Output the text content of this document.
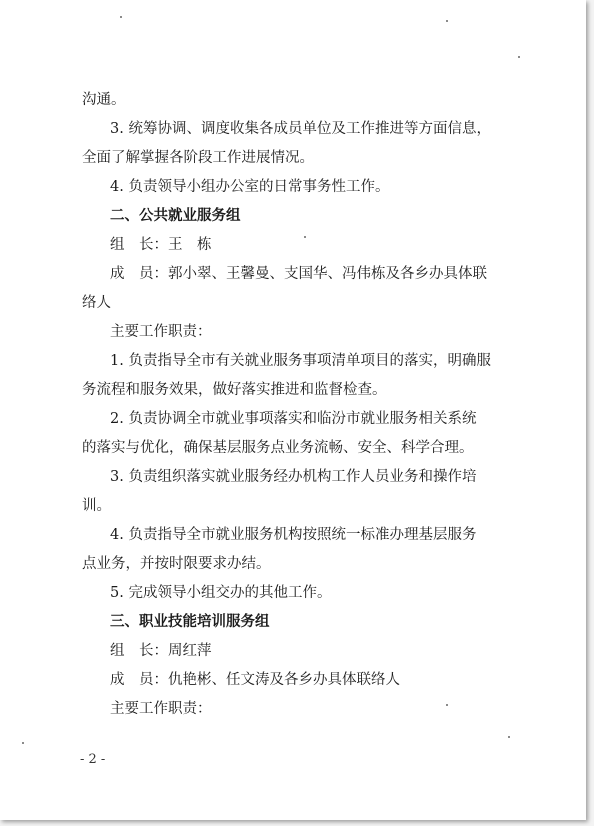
沟通。
3. 统筹协调、调度收集各成员单位及工作推进等方面信息，
全面了解掌握各阶段工作进展情况。
4. 负责领导小组办公室的日常事务性工作。
二、公共就业服务组
组　长：王　栋
成　员：郭小翠、王馨曼、支国华、冯伟栋及各乡办具体联
络人
主要工作职责：
1. 负责指导全市有关就业服务事项清单项目的落实，明确服
务流程和服务效果，做好落实推进和监督检查。
2. 负责协调全市就业事项落实和临汾市就业服务相关系统
的落实与优化，确保基层服务点业务流畅、安全、科学合理。
3. 负责组织落实就业服务经办机构工作人员业务和操作培
训。
4. 负责指导全市就业服务机构按照统一标准办理基层服务
点业务，并按时限要求办结。
5. 完成领导小组交办的其他工作。
三、职业技能培训服务组
组　长：周红萍
成　员：仇艳彬、任文涛及各乡办具体联络人
主要工作职责：
- 2 -
